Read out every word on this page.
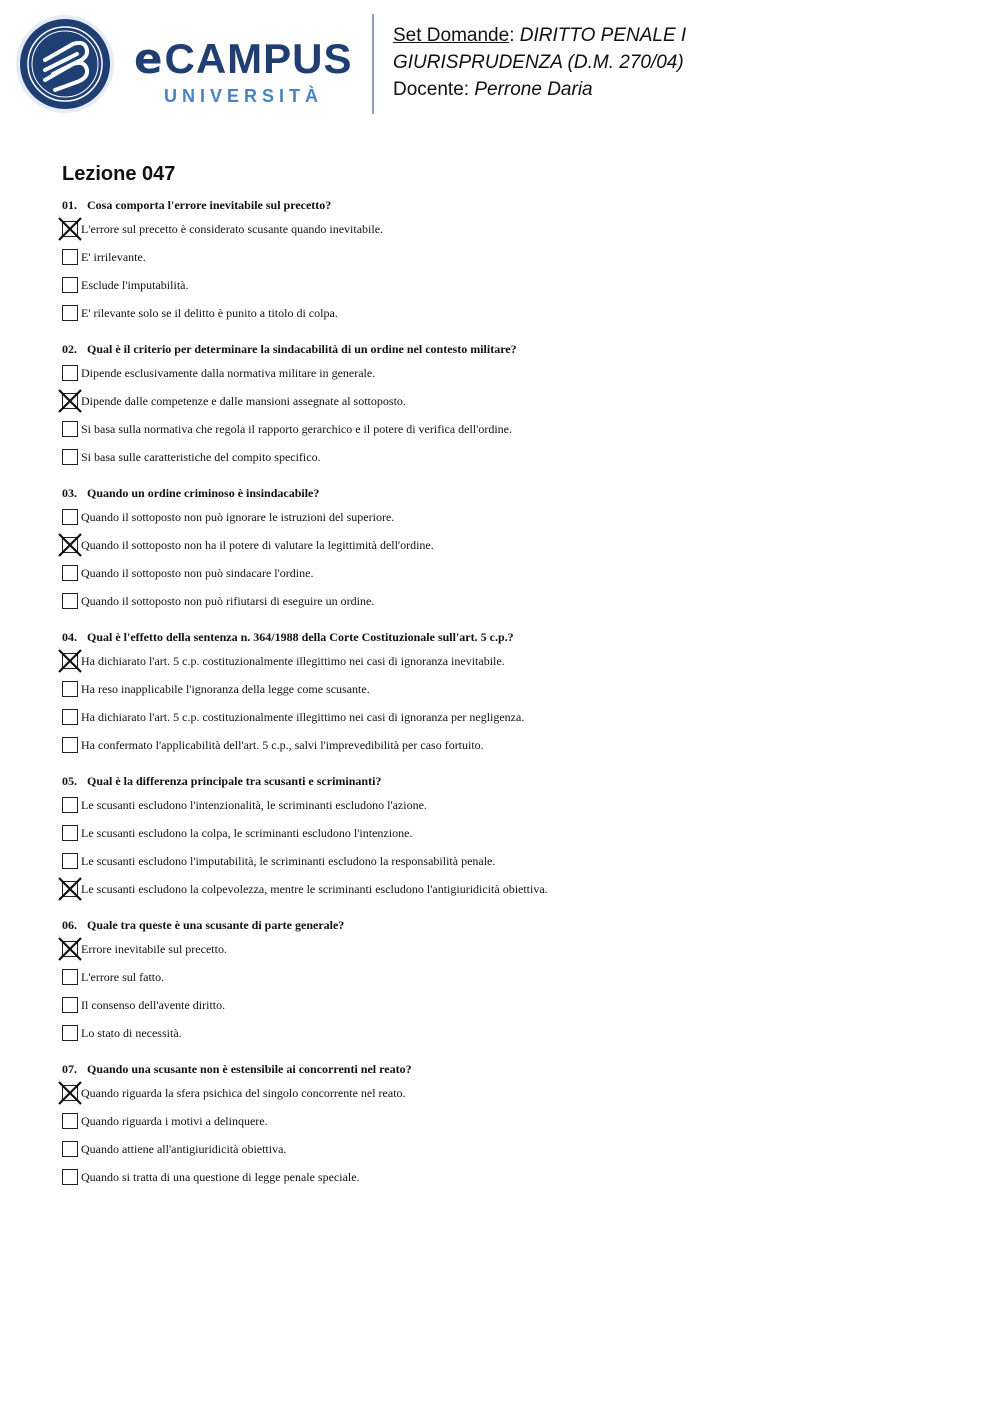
eCAMPUS
UNIVERSITÀ
Set Domande: DIRITTO PENALE I
GIURISPRUDENZA (D.M. 270/04)
Docente: Perrone Daria
Lezione 047
01. Cosa comporta l'errore inevitabile sul precetto?
L'errore sul precetto è considerato scusante quando inevitabile.
E' irrilevante.
Esclude l'imputabilità.
E' rilevante solo se il delitto è punito a titolo di colpa.
02. Qual è il criterio per determinare la sindacabilità di un ordine nel contesto militare?
Dipende esclusivamente dalla normativa militare in generale.
Dipende dalle competenze e dalle mansioni assegnate al sottoposto.
Si basa sulla normativa che regola il rapporto gerarchico e il potere di verifica dell'ordine.
Si basa sulle caratteristiche del compito specifico.
03. Quando un ordine criminoso è insindacabile?
Quando il sottoposto non può ignorare le istruzioni del superiore.
Quando il sottoposto non ha il potere di valutare la legittimità dell'ordine.
Quando il sottoposto non può sindacare l'ordine.
Quando il sottoposto non può rifiutarsi di eseguire un ordine.
04. Qual è l'effetto della sentenza n. 364/1988 della Corte Costituzionale sull'art. 5 c.p.?
Ha dichiarato l'art. 5 c.p. costituzionalmente illegittimo nei casi di ignoranza inevitabile.
Ha reso inapplicabile l'ignoranza della legge come scusante.
Ha dichiarato l'art. 5 c.p. costituzionalmente illegittimo nei casi di ignoranza per negligenza.
Ha confermato l'applicabilità dell'art. 5 c.p., salvi l'imprevedibilità per caso fortuito.
05. Qual è la differenza principale tra scusanti e scriminanti?
Le scusanti escludono l'intenzionalità, le scriminanti escludono l'azione.
Le scusanti escludono la colpa, le scriminanti escludono l'intenzione.
Le scusanti escludono l'imputabilità, le scriminanti escludono la responsabilità penale.
Le scusanti escludono la colpevolezza, mentre le scriminanti escludono l'antigiuridicità obiettiva.
06. Quale tra queste è una scusante di parte generale?
Errore inevitabile sul precetto.
L'errore sul fatto.
Il consenso dell'avente diritto.
Lo stato di necessità.
07. Quando una scusante non è estensibile ai concorrenti nel reato?
Quando riguarda la sfera psichica del singolo concorrente nel reato.
Quando riguarda i motivi a delinquere.
Quando attiene all'antigiuridicità obiettiva.
Quando si tratta di una questione di legge penale speciale.
